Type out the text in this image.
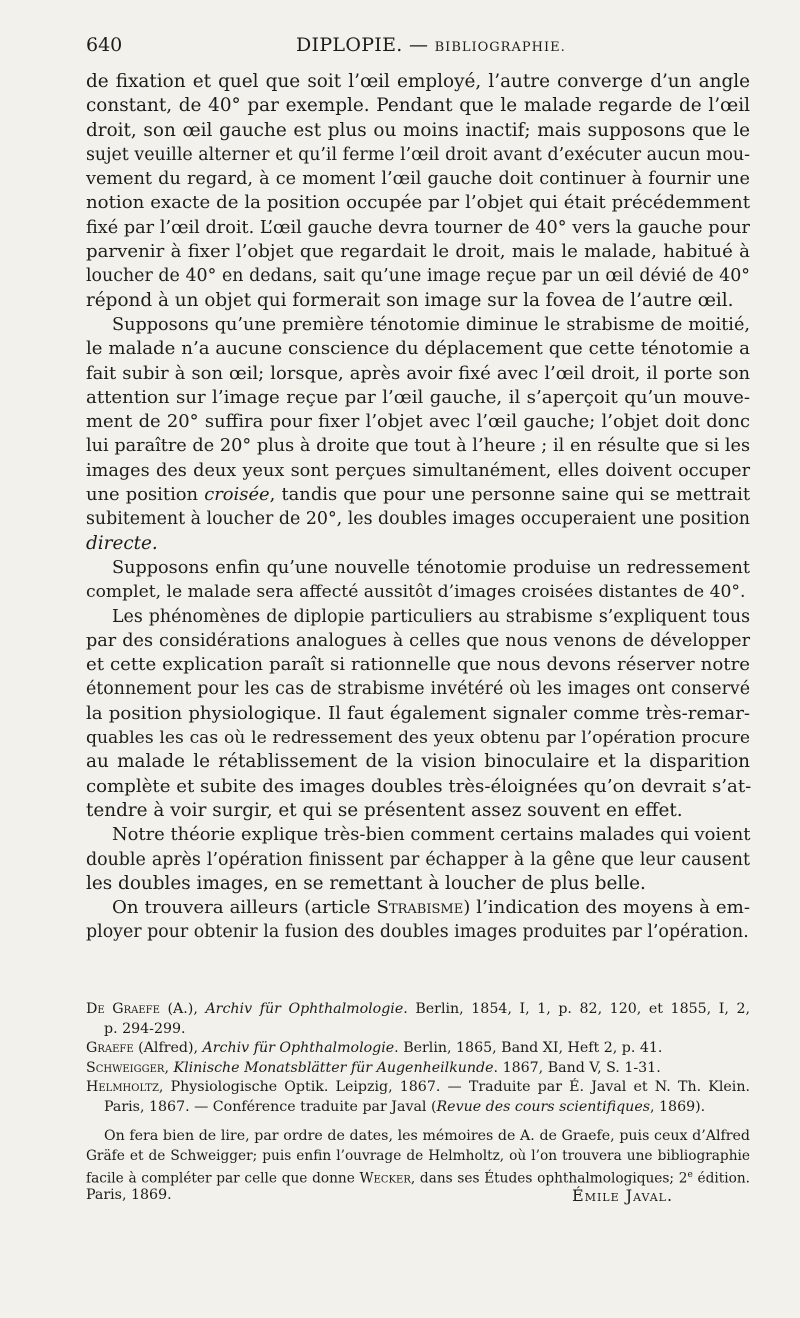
640	DIPLOPIE. — BIBLIOGRAPHIE.
de fixation et quel que soit l’œil employé, l’autre converge d’un angle
constant, de 40° par exemple. Pendant que le malade regarde de l’œil
droit, son œil gauche est plus ou moins inactif; mais supposons que le
sujet veuille alterner et qu’il ferme l’œil droit avant d’exécuter aucun mou-
vement du regard, à ce moment l’œil gauche doit continuer à fournir une
notion exacte de la position occupée par l’objet qui était précédemment
fixé par l’œil droit. L’œil gauche devra tourner de 40° vers la gauche pour
parvenir à fixer l’objet que regardait le droit, mais le malade, habitué à
loucher de 40° en dedans, sait qu’une image reçue par un œil dévié de 40°
répond à un objet qui formerait son image sur la fovea de l’autre œil.
Supposons qu’une première ténotomie diminue le strabisme de moitié,
le malade n’a aucune conscience du déplacement que cette ténotomie a
fait subir à son œil; lorsque, après avoir fixé avec l’œil droit, il porte son
attention sur l’image reçue par l’œil gauche, il s’aperçoit qu’un mouve-
ment de 20° suffira pour fixer l’objet avec l’œil gauche; l’objet doit donc
lui paraître de 20° plus à droite que tout à l’heure ; il en résulte que si les
images des deux yeux sont perçues simultanément, elles doivent occuper
une position croisée, tandis que pour une personne saine qui se mettrait
subitement à loucher de 20°, les doubles images occuperaient une position
directe.
Supposons enfin qu’une nouvelle ténotomie produise un redressement
complet, le malade sera affecté aussitôt d’images croisées distantes de 40°.
Les phénomènes de diplopie particuliers au strabisme s’expliquent tous
par des considérations analogues à celles que nous venons de développer
et cette explication paraît si rationnelle que nous devons réserver notre
étonnement pour les cas de strabisme invétéré où les images ont conservé
la position physiologique. Il faut également signaler comme très-remar-
quables les cas où le redressement des yeux obtenu par l’opération procure
au malade le rétablissement de la vision binoculaire et la disparition
complète et subite des images doubles très-éloignées qu’on devrait s’at-
tendre à voir surgir, et qui se présentent assez souvent en effet.
Notre théorie explique très-bien comment certains malades qui voient
double après l’opération finissent par échapper à la gêne que leur causent
les doubles images, en se remettant à loucher de plus belle.
On trouvera ailleurs (article Strabisme) l’indication des moyens à em-
ployer pour obtenir la fusion des doubles images produites par l’opération.
De Graefe (A.), Archiv für Ophthalmologie. Berlin, 1854, I, 1, p. 82, 120, et 1855, I, 2,
p. 294-299.
Graefe (Alfred), Archiv für Ophthalmologie. Berlin, 1865, Band XI, Heft 2, p. 41.
Schweigger, Klinische Monatsblätter für Augenheilkunde. 1867, Band V, S. 1-31.
Helmholtz, Physiologische Optik. Leipzig, 1867. — Traduite par É. Javal et N. Th. Klein.
Paris, 1867. — Conférence traduite par Javal (Revue des cours scientifiques, 1869).
On fera bien de lire, par ordre de dates, les mémoires de A. de Graefe, puis ceux d’Alfred
Gräfe et de Schweigger; puis enfin l’ouvrage de Helmholtz, où l’on trouvera une bibliographie
facile à compléter par celle que donne Wecker, dans ses Études ophthalmologiques; 2e édition.
Paris, 1869.	Émile Javal.
